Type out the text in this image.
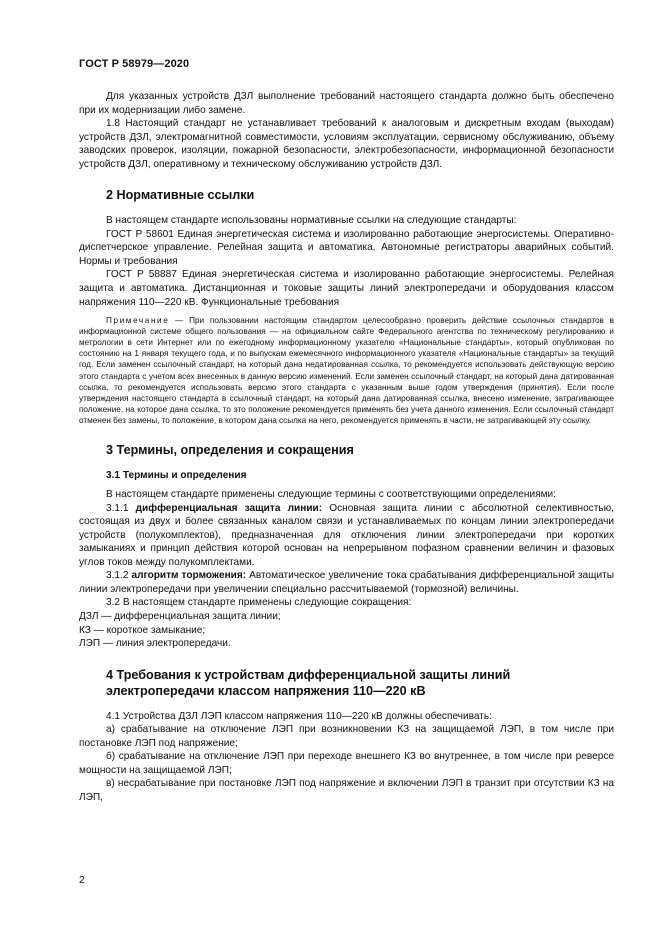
ГОСТ Р 58979—2020

Для указанных устройств ДЗЛ выполнение требований настоящего стандарта должно быть обеспечено при их модернизации либо замене.

1.8 Настоящий стандарт не устанавливает требований к аналоговым и дискретным входам (выходам) устройств ДЗЛ, электромагнитной совместимости, условиям эксплуатации, сервисному обслуживанию, объему заводских проверок, изоляции, пожарной безопасности, электробезопасности, информационной безопасности устройств ДЗЛ, оперативному и техническому обслуживанию устройств ДЗЛ.

2 Нормативные ссылки

В настоящем стандарте использованы нормативные ссылки на следующие стандарты:

ГОСТ Р 58601 Единая энергетическая система и изолированно работающие энергосистемы. Оперативно-диспетчерское управление. Релейная защита и автоматика. Автономные регистраторы аварийных событий. Нормы и требования

ГОСТ Р 58887 Единая энергетическая система и изолированно работающие энергосистемы. Релейная защита и автоматика. Дистанционная и токовые защиты линий электропередачи и оборудования классом напряжения 110—220 кВ. Функциональные требования

Примечание — При пользовании настоящим стандартом целесообразно проверить действие ссылочных стандартов в информационной системе общего пользования — на официальном сайте Федерального агентства по техническому регулированию и метрологии в сети Интернет или по ежегодному информационному указателю «Национальные стандарты», который опубликован по состоянию на 1 января текущего года, и по выпускам ежемесячного информационного указателя «Национальные стандарты» за текущий год. Если заменен ссылочный стандарт, на который дана недатированная ссылка, то рекомендуется использовать действующую версию этого стандарта с учетом всех внесенных в данную версию изменений. Если заменен ссылочный стандарт, на который дана датированная ссылка, то рекомендуется использовать версию этого стандарта с указанным выше годом утверждения (принятия). Если после утверждения настоящего стандарта в ссылочный стандарт, на который дана датированная ссылка, внесено изменение, затрагивающее положение, на которое дана ссылка, то это положение рекомендуется применять без учета данного изменения. Если ссылочный стандарт отменен без замены, то положение, в котором дана ссылка на него, рекомендуется применять в части, не затрагивающей эту ссылку.

3 Термины, определения и сокращения
3.1 Термины и определения

В настоящем стандарте применены следующие термины с соответствующими определениями:

3.1.1 дифференциальная защита линии: Основная защита линии с абсолютной селективностью, состоящая из двух и более связанных каналом связи и устанавливаемых по концам линии электропередачи устройств (полукомплектов), предназначенная для отключения линии электропередачи при коротких замыканиях и принцип действия которой основан на непрерывном пофазном сравнении величин и фазовых углов токов между полукомплектами.

3.1.2 алгоритм торможения: Автоматическое увеличение тока срабатывания дифференциальной защиты линии электропередачи при увеличении специально рассчитываемой (тормозной) величины.

3.2 В настоящем стандарте применены следующие сокращения:

ДЗЛ — дифференциальная защита линии;

КЗ — короткое замыкание;

ЛЭП — линия электропередачи.

4 Требования к устройствам дифференциальной защиты линий
электропередачи классом напряжения 110—220 кВ

4.1 Устройства ДЗЛ ЛЭП классом напряжения 110—220 кВ должны обеспечивать:

а) срабатывание на отключение ЛЭП при возникновении КЗ на защищаемой ЛЭП, в том числе при постановке ЛЭП под напряжение;

б) срабатывание на отключение ЛЭП при переходе внешнего КЗ во внутреннее, в том числе при реверсе мощности на защищаемой ЛЭП;

в) несрабатывание при постановке ЛЭП под напряжение и включении ЛЭП в транзит при отсутствии КЗ на ЛЭП,

2
